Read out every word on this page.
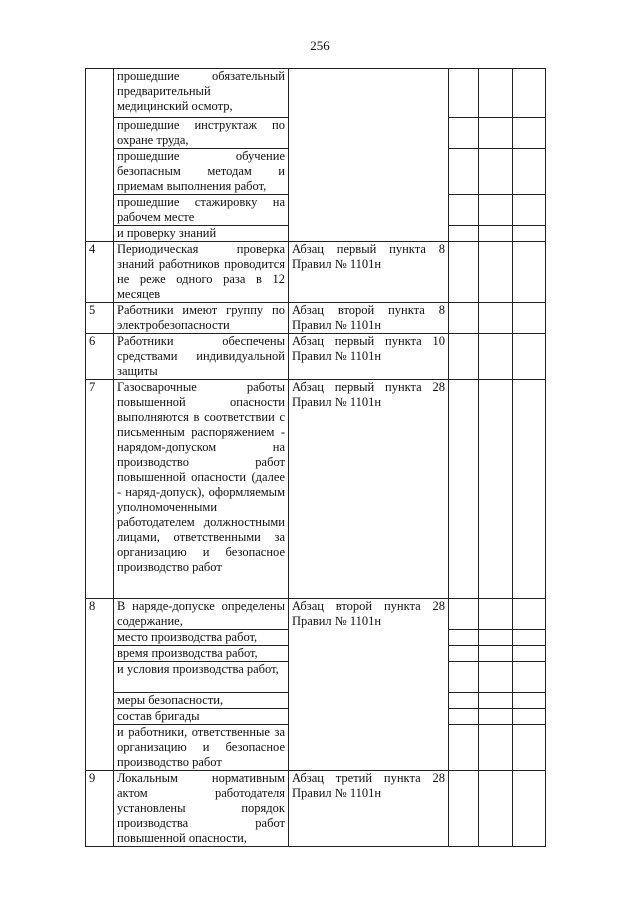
256
	прошедшие обязательный предварительный медицинский осмотр,				
	прошедшие инструктаж по охране труда,				
	прошедшие обучение безопасным методам и приемам выполнения работ,				
	прошедшие стажировку на рабочем месте				
	и проверку знаний				
4	Периодическая проверка знаний работников проводится не реже одного раза в 12 месяцев	Абзац первый пункта 8 Правил № 1101н			
5	Работники имеют группу по электробезопасности	Абзац второй пункта 8 Правил № 1101н			
6	Работники обеспечены средствами индивидуальной защиты	Абзац первый пункта 10 Правил № 1101н			
7	Газосварочные работы повышенной опасности выполняются в соответствии с письменным распоряжением - нарядом-допуском на производство работ повышенной опасности (далее - наряд-допуск), оформляемым уполномоченными работодателем должностными лицами, ответственными за организацию и безопасное производство работ	Абзац первый пункта 28 Правил № 1101н			
8	В наряде-допуске определены содержание,	Абзац второй пункта 28 Правил № 1101н			
	место производства работ,				
	время производства работ,				
	и условия производства работ,				
	меры безопасности,				
	состав бригады				
	и работники, ответственные за организацию и безопасное производство работ				
9	Локальным нормативным актом работодателя установлены порядок производства работ повышенной опасности,	Абзац третий пункта 28 Правил № 1101н			
